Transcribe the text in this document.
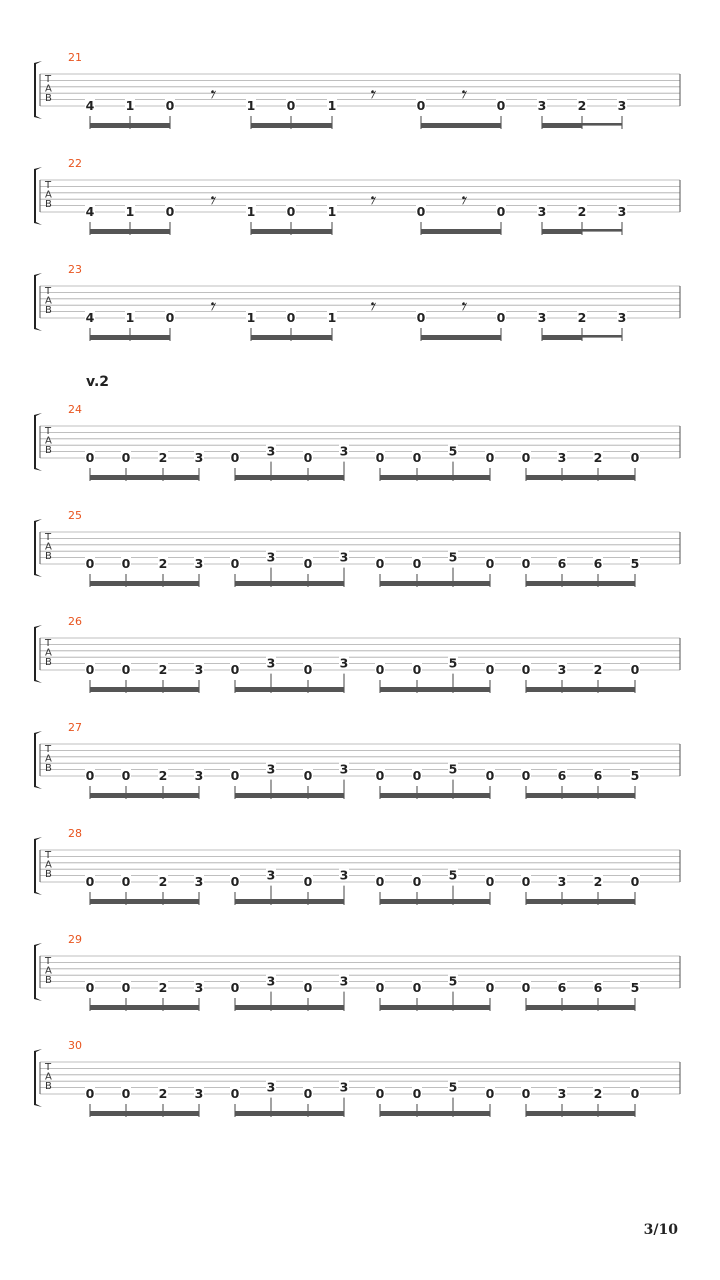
21
T
A
B	4	1	0	1	0	1	0	0	3	2	3
𝄾	𝄾	𝄾
22
T
A
B	4	1	0	1	0	1	0	0	3	2	3
𝄾	𝄾	𝄾
23
T
A
B	4	1	0	1	0	1	0	0	3	2	3
𝄾	𝄾	𝄾
24
T
A
B	0 0 2 3 0 3 0 3 0 0 5 0 0 3 2 0
25
T
A
B	0 0 2 3 0 3 0 3 0 0 5 0 0 6 6 5
26
T
A
B	0 0 2 3 0 3 0 3 0 0 5 0 0 3 2 0
27
T
A
B	0 0 2 3 0 3 0 3 0 0 5 0 0 6 6 5
28
T
A
B	0 0 2 3 0 3 0 3 0 0 5 0 0 3 2 0
29
T
A
B	0 0 2 3 0 3 0 3 0 0 5 0 0 6 6 5
30
T
A
B	0 0 2 3 0 3 0 3 0 0 5 0 0 3 2 0
v.2
3/10
